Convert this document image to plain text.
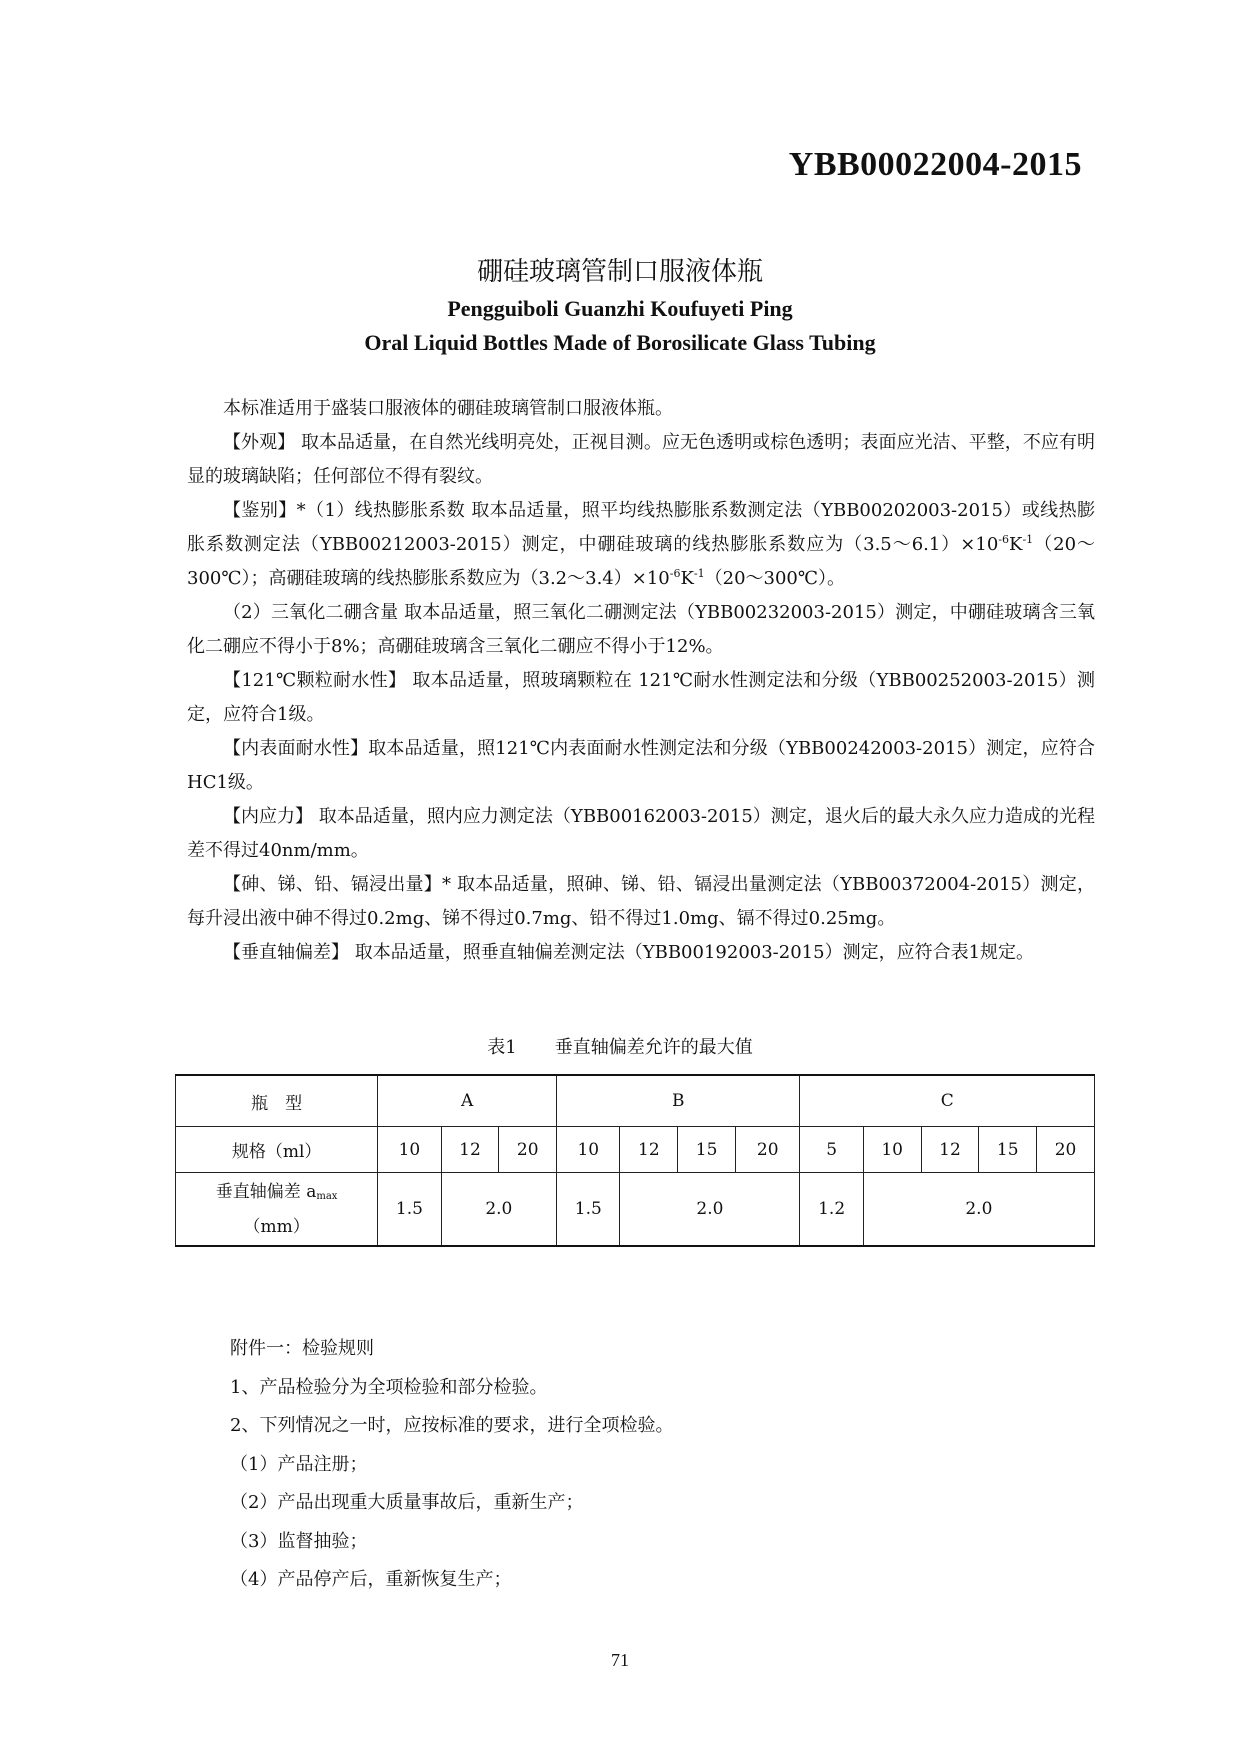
YBB00022004-2015
硼硅玻璃管制口服液体瓶
Pengguiboli Guanzhi Koufuyeti Ping
Oral Liquid Bottles Made of Borosilicate Glass Tubing

本标准适用于盛装口服液体的硼硅玻璃管制口服液体瓶。

【外观】 取本品适量，在自然光线明亮处，正视目测。应无色透明或棕色透明；表面应光洁、平整，不应有明显的玻璃缺陷；任何部位不得有裂纹。

【鉴别】*（1）线热膨胀系数 取本品适量，照平均线热膨胀系数测定法（YBB00202003-2015）或线热膨胀系数测定法（YBB00212003-2015）测定，中硼硅玻璃的线热膨胀系数应为$(3.5\sim 6.1)\times 10^{-6}K^{-1}(20\sim 300℃)$；高硼硅玻璃的线热膨胀系数应为$(3.2\sim 3.4)\times 10^{-6}K^{-1}(20\sim 300℃)$。

（2）三氧化二硼含量 取本品适量，照三氧化二硼测定法（YBB00232003-2015）测定，中硼硅玻璃含三氧化二硼应不得小于8%；高硼硅玻璃含三氧化二硼应不得小于12%。

【121℃颗粒耐水性】 取本品适量，照玻璃颗粒在 121℃耐水性测定法和分级（YBB00252003-2015）测定，应符合1级。

【内表面耐水性】取本品适量，照121℃内表面耐水性测定法和分级（YBB00242003-2015）测定，应符合HC1级。

【内应力】 取本品适量，照内应力测定法（YBB00162003-2015）测定，退火后的最大永久应力造成的光程差不得过40nm/mm。

【砷、锑、铅、镉浸出量】* 取本品适量，照砷、锑、铅、镉浸出量测定法（YBB00372004-2015）测定，每升浸出液中砷不得过0.2mg、锑不得过0.7mg、铅不得过1.0mg、镉不得过0.25mg。

【垂直轴偏差】 取本品适量，照垂直轴偏差测定法（YBB00192003-2015）测定，应符合表1规定。

表1 垂直轴偏差允许的最大值
瓶　型	A			B				C				
规格（ml）	10	12	20	10	12	15	20	5	10	12	15	20
垂直轴偏差 $a_{max}$
（mm）	1.5	2.0		1.5	2.0			1.2	2.0			
附件一：检验规则
1、产品检验分为全项检验和部分检验。
2、下列情况之一时，应按标准的要求，进行全项检验。
（1）产品注册；
（2）产品出现重大质量事故后，重新生产；
（3）监督抽验；
（4）产品停产后，重新恢复生产；
71
